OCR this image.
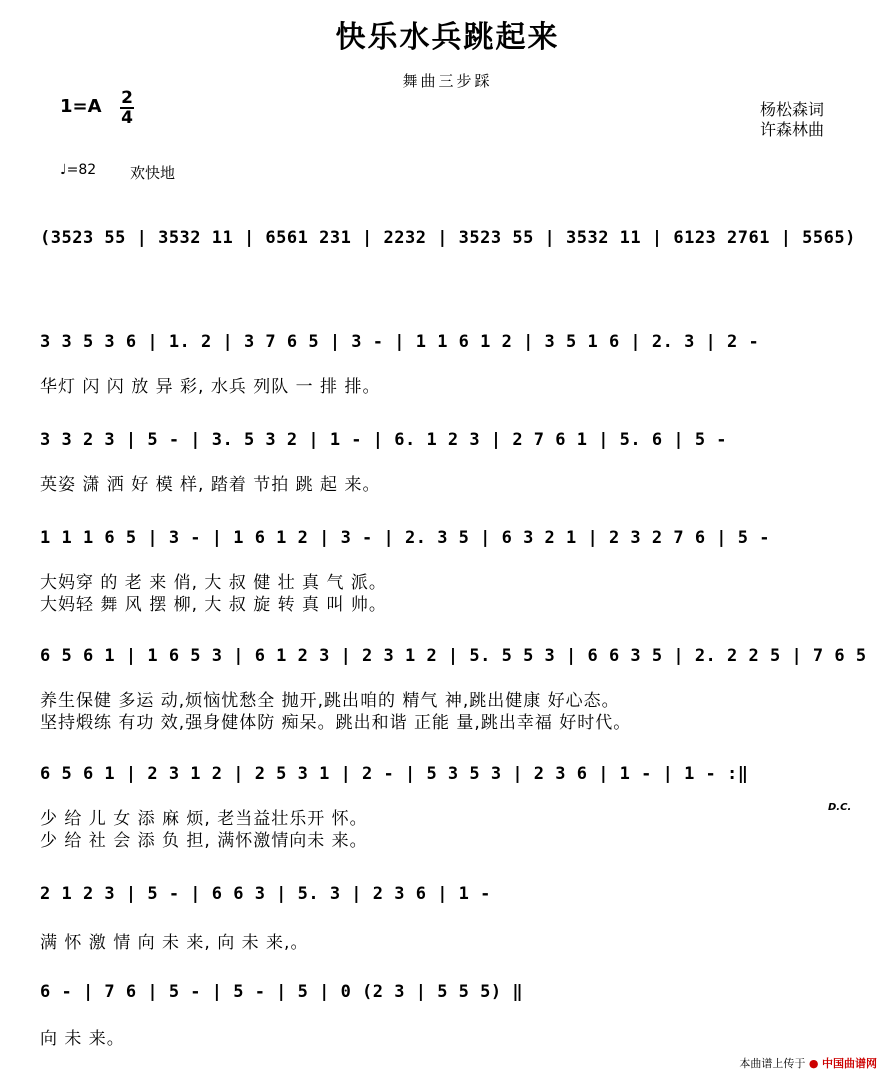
快乐水兵跳起来
舞曲三步踩
1=A 2
4	杨松森词
许森林曲
♩=82 欢快地
(3523 55 | 3532 11 | 6561 231 | 2232 | 3523 55 | 3532 11 | 6123 2761 | 5565)
3 3 5 3 6 | 1. 2 | 3 7 6 5 | 3 - | 1 1 6 1 2 | 3 5 1 6 | 2. 3 | 2 -
华灯 闪 闪 放 异 彩, 水兵 列队 一 排 排。
3 3 2 3 | 5 - | 3. 5 3 2 | 1 - | 6. 1 2 3 | 2 7 6 1 | 5. 6 | 5 -
英姿 潇 洒 好 模 样, 踏着 节拍 跳 起 来。
1 1 1 6 5 | 3 - | 1 6 1 2 | 3 - | 2. 3 5 | 6 3 2 1 | 2 3 2 7 6 | 5 -
大妈穿 的 老 来 俏, 大 叔 健 壮 真 气 派。
大妈轻 舞 风 摆 柳, 大 叔 旋 转 真 叫 帅。
6 5 6 1 | 1 6 5 3 | 6 1 2 3 | 2 3 1 2 | 5. 5 5 3 | 6 6 3 5 | 2. 2 2 5 | 7 6 5
养生保健 多运 动,烦恼忧愁全 抛开,跳出咱的 精气 神,跳出健康 好心态。
坚持煅练 有功 效,强身健体防 痴呆。跳出和谐 正能 量,跳出幸福 好时代。
6 5 6 1 | 2 3 1 2 | 2 5 3 1 | 2 - | 5 3 5 3 | 2 3 6 | 1 - | 1 - :‖
少 给 儿 女 添 麻 烦, 老当益壮乐开 怀。
少 给 社 会 添 负 担, 满怀激情向未 来。
D.C.
2 1 2 3 | 5 - | 6 6 3 | 5. 3 | 2 3 6 | 1 -
满 怀 激 情 向 未 来, 向 未 来,。
6 - | 7 6 | 5 - | 5 - | 5 | 0 (2 3 | 5 5 5) ‖
向 未 来。
本曲谱上传于 ● 中国曲谱网
